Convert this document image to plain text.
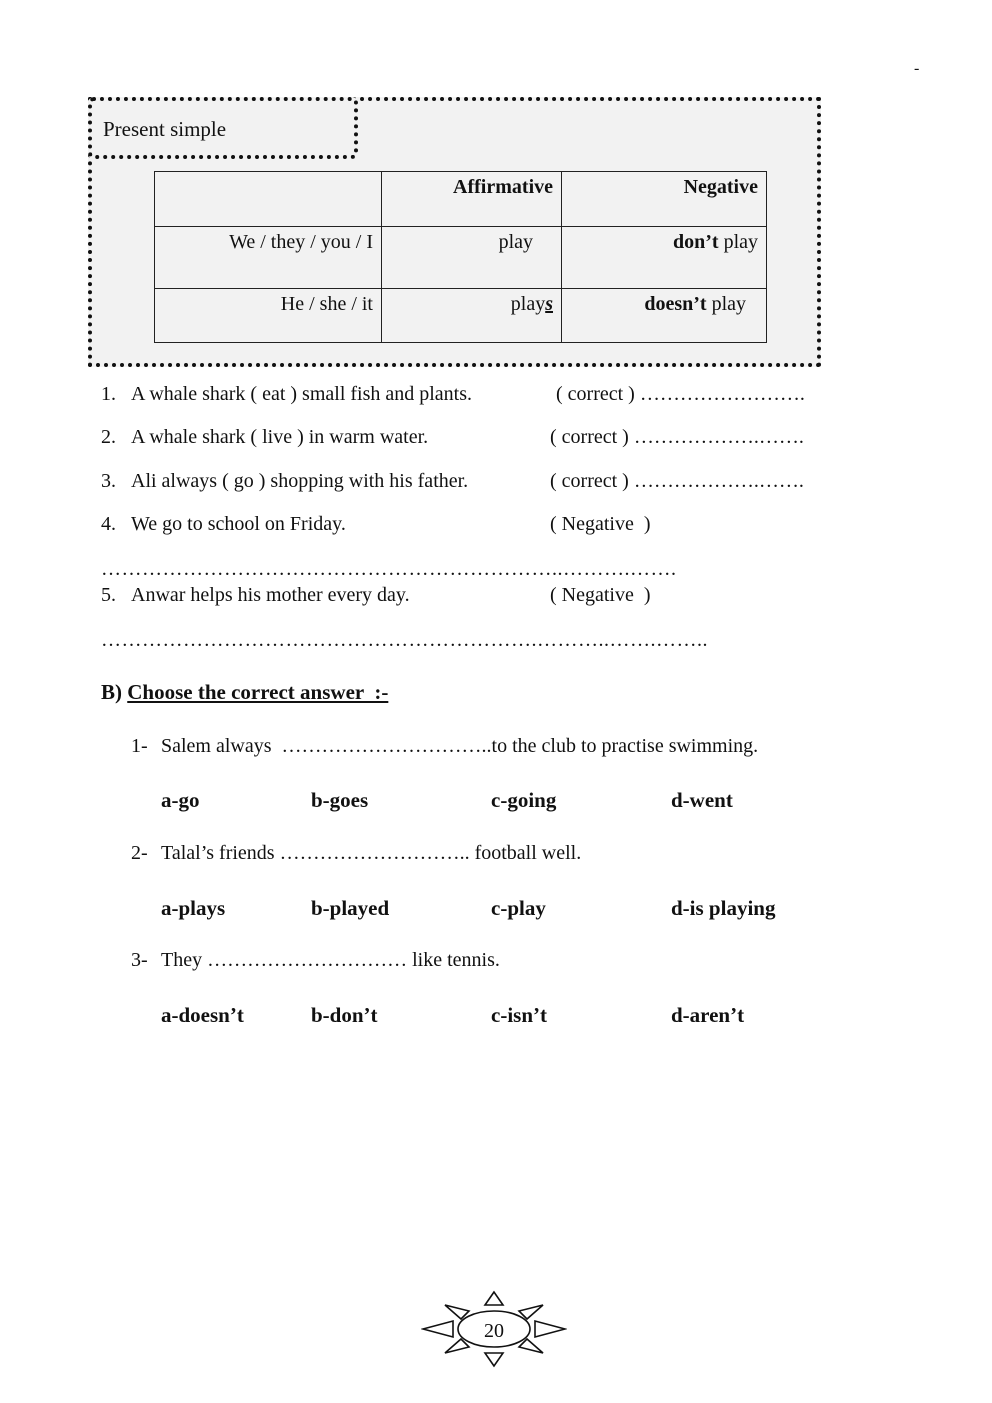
-
Present simple
	Affirmative	Negative
We / they / you / I	play	don’t play
He / she / it	plays	doesn’t play
1. A whale shark ( eat ) small fish and plants.	( correct ) …………………….
2. A whale shark ( live ) in warm water.	( correct ) ……………….…….
3. Ali always ( go ) shopping with his father.	( correct ) ……………….…….
4. We go to school on Friday.	( Negative  )
…………………………………………………………..……….…….
5. Anwar helps his mother every day.	( Negative  )
……………………………………………………….………..…….……..
B) Choose the correct answer  :-
1- Salem always  …………………………..to the club to practise swimming.
a-go	b-goes	c-going	d-went
2- Talal’s friends ……………………….. football well.
a-plays	b-played	c-play	d-is playing
3- They ………………………… like tennis.
a-doesn’t	b-don’t	c-isn’t	d-aren’t
20
